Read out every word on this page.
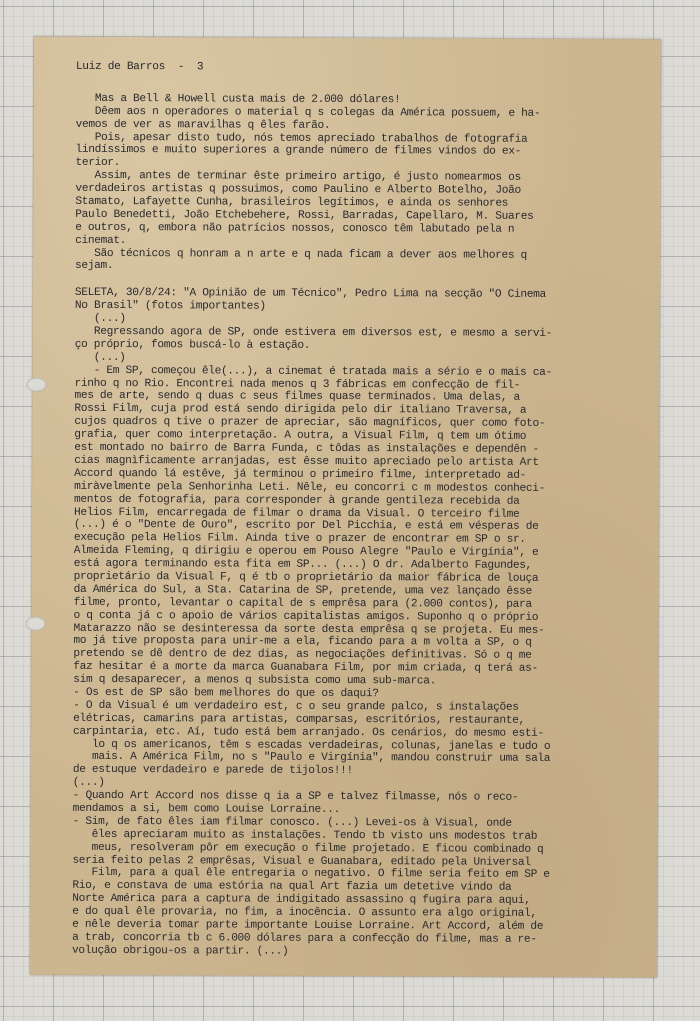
Luiz de Barros - 3
Mas a Bell & Howell custa mais de 2.000 dólares!
Dêem aos n operadores o material q s colegas da América possuem, e ha-
vemos de ver as maravilhas q êles farão.
Pois, apesar disto tudo, nós temos apreciado trabalhos de fotografia
lindíssimos e muito superiores a grande número de filmes vindos do ex-
terior.
Assim, antes de terminar êste primeiro artigo, é justo nomearmos os
verdadeiros artistas q possuimos, como Paulino e Alberto Botelho, João
Stamato, Lafayette Cunha, brasileiros legítimos, e ainda os senhores
Paulo Benedetti, João Etchebehere, Rossi, Barradas, Capellaro, M. Suares
e outros, q, embora não patrícios nossos, conosco têm labutado pela n
cinemat.
São técnicos q honram a n arte e q nada ficam a dever aos melhores q
sejam.
SELETA, 30/8/24: "A Opinião de um Técnico", Pedro Lima na secção "O Cinema
No Brasil" (fotos importantes)
(...)
Regressando agora de SP, onde estivera em diversos est, e mesmo a servi-
ço próprio, fomos buscá-lo à estação.
(...)
- Em SP, começou êle(...), a cinemat é tratada mais a sério e o mais ca-
rinho q no Rio. Encontrei nada menos q 3 fábricas em confecção de fil-
mes de arte, sendo q duas c seus filmes quase terminados. Uma delas, a
Rossi Film, cuja prod está sendo dirigida pelo dir italiano Traversa, a
cujos quadros q tive o prazer de apreciar, são magníficos, quer como foto-
grafia, quer como interpretação. A outra, a Visual Film, q tem um ótimo
est montado no bairro de Barra Funda, c tôdas as instalações e dependên -
cias magnìficamente arranjadas, est êsse muito apreciado pelo artista Art
Accord quando lá estêve, já terminou o primeiro filme, interpretado ad-
miràvelmente pela Senhorinha Leti. Nêle, eu concorri c m modestos conheci-
mentos de fotografia, para corresponder à grande gentileza recebida da
Helios Film, encarregada de filmar o drama da Visual. O terceiro filme
(...) é o "Dente de Ouro", escrito por Del Picchia, e está em vésperas de
execução pela Helios Film. Ainda tive o prazer de encontrar em SP o sr.
Almeida Fleming, q dirigiu e operou em Pouso Alegre "Paulo e Virgínia", e
está agora terminando esta fita em SP... (...) O dr. Adalberto Fagundes,
proprietário da Visual F, q é tb o proprietário da maior fábrica de louça
da América do Sul, a Sta. Catarina de SP, pretende, uma vez lançado êsse
filme, pronto, levantar o capital de s emprêsa para (2.000 contos), para
o q conta já c o apoio de vários capitalistas amigos. Suponho q o próprio
Matarazzo não se desinteressa da sorte desta emprêsa q se projeta. Eu mes-
mo já tive proposta para unir-me a ela, ficando para a m volta a SP, o q
pretendo se dê dentro de dez dias, as negociações definitivas. Só o q me
faz hesitar é a morte da marca Guanabara Film, por mim criada, q terá as-
sim q desaparecer, a menos q subsista como uma sub-marca.
- Os est de SP são bem melhores do que os daqui?
- O da Visual é um verdadeiro est, c o seu grande palco, s instalações
elétricas, camarins para artistas, comparsas, escritórios, restaurante,
carpintaria, etc. Aí, tudo está bem arranjado. Os cenários, do mesmo esti-
lo q os americanos, têm s escadas verdadeiras, colunas, janelas e tudo o
mais. A América Film, no s "Paulo e Virgínia", mandou construir uma sala
de estuque verdadeiro e parede de tijolos!!!
(...)
- Quando Art Accord nos disse q ia a SP e talvez filmasse, nós o reco-
mendamos a si, bem como Louise Lorraine...
- Sim, de fato êles iam filmar conosco. (...) Levei-os à Visual, onde
êles apreciaram muito as instalações. Tendo tb visto uns modestos trab
meus, resolveram pôr em execução o filme projetado. E ficou combinado q
seria feito pelas 2 emprêsas, Visual e Guanabara, editado pela Universal
Film, para a qual êle entregaria o negativo. O filme seria feito em SP e
Rio, e constava de uma estória na qual Art fazia um detetive vindo da
Norte América para a captura de indigitado assassino q fugira para aqui,
e do qual êle provaria, no fim, a inocência. O assunto era algo original,
e nêle deveria tomar parte importante Louise Lorraine. Art Accord, além de
a trab, concorria tb c 6.000 dólares para a confecção do filme, mas a re-
volução obrigou-os a partir. (...)
